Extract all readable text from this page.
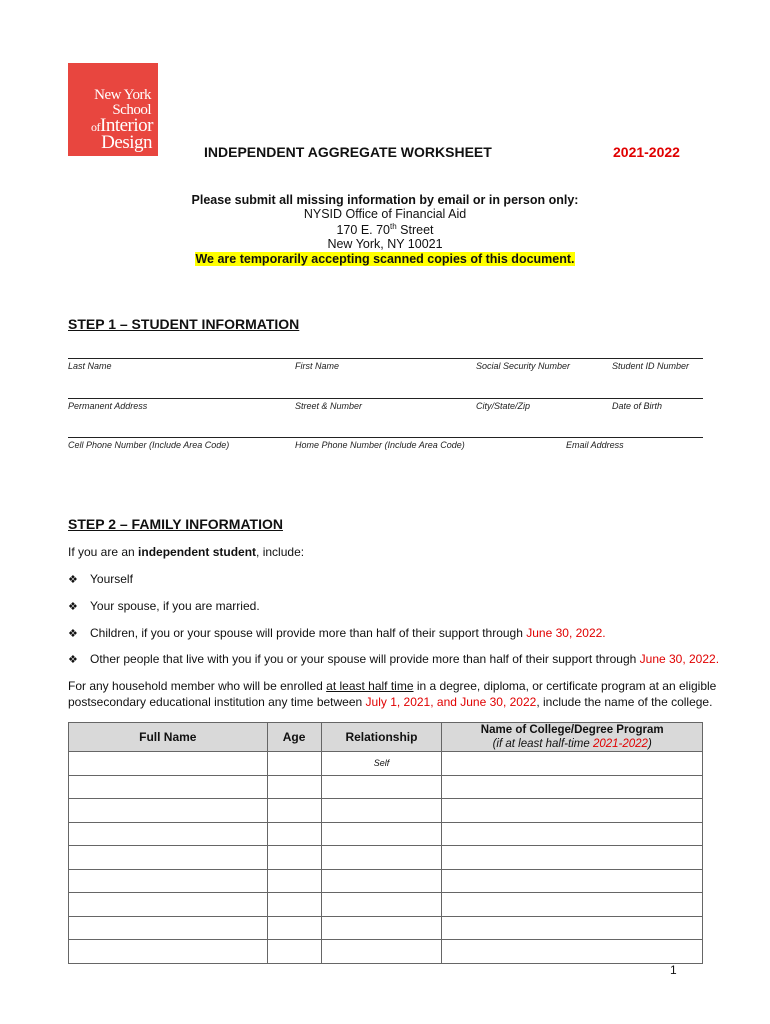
New York
School
ofInterior
Design	INDEPENDENT AGGREGATE WORKSHEET	2021-2022
Please submit all missing information by email or in person only:
NYSID Office of Financial Aid
170 E. 70th Street
New York, NY 10021
We are temporarily accepting scanned copies of this document.
STEP 1 – STUDENT INFORMATION
Last Name	First Name	Social Security Number	Student ID Number
Permanent Address	Street & Number	City/State/Zip	Date of Birth
Cell Phone Number (Include Area Code)	Home Phone Number (Include Area Code)	Email Address
STEP 2 – FAMILY INFORMATION
If you are an independent student, include:
❖ Yourself
❖ Your spouse, if you are married.
❖ Children, if you or your spouse will provide more than half of their support through June 30, 2022.
❖ Other people that live with you if you or your spouse will provide more than half of their support through June 30, 2022.
For any household member who will be enrolled at least half time in a degree, diploma, or certificate program at an eligible
postsecondary educational institution any time between July 1, 2021, and June 30, 2022, include the name of the college.
Full Name	Age	Relationship	Name of College/Degree Program
(if at least half-time 2021-2022)
		Self	

1
